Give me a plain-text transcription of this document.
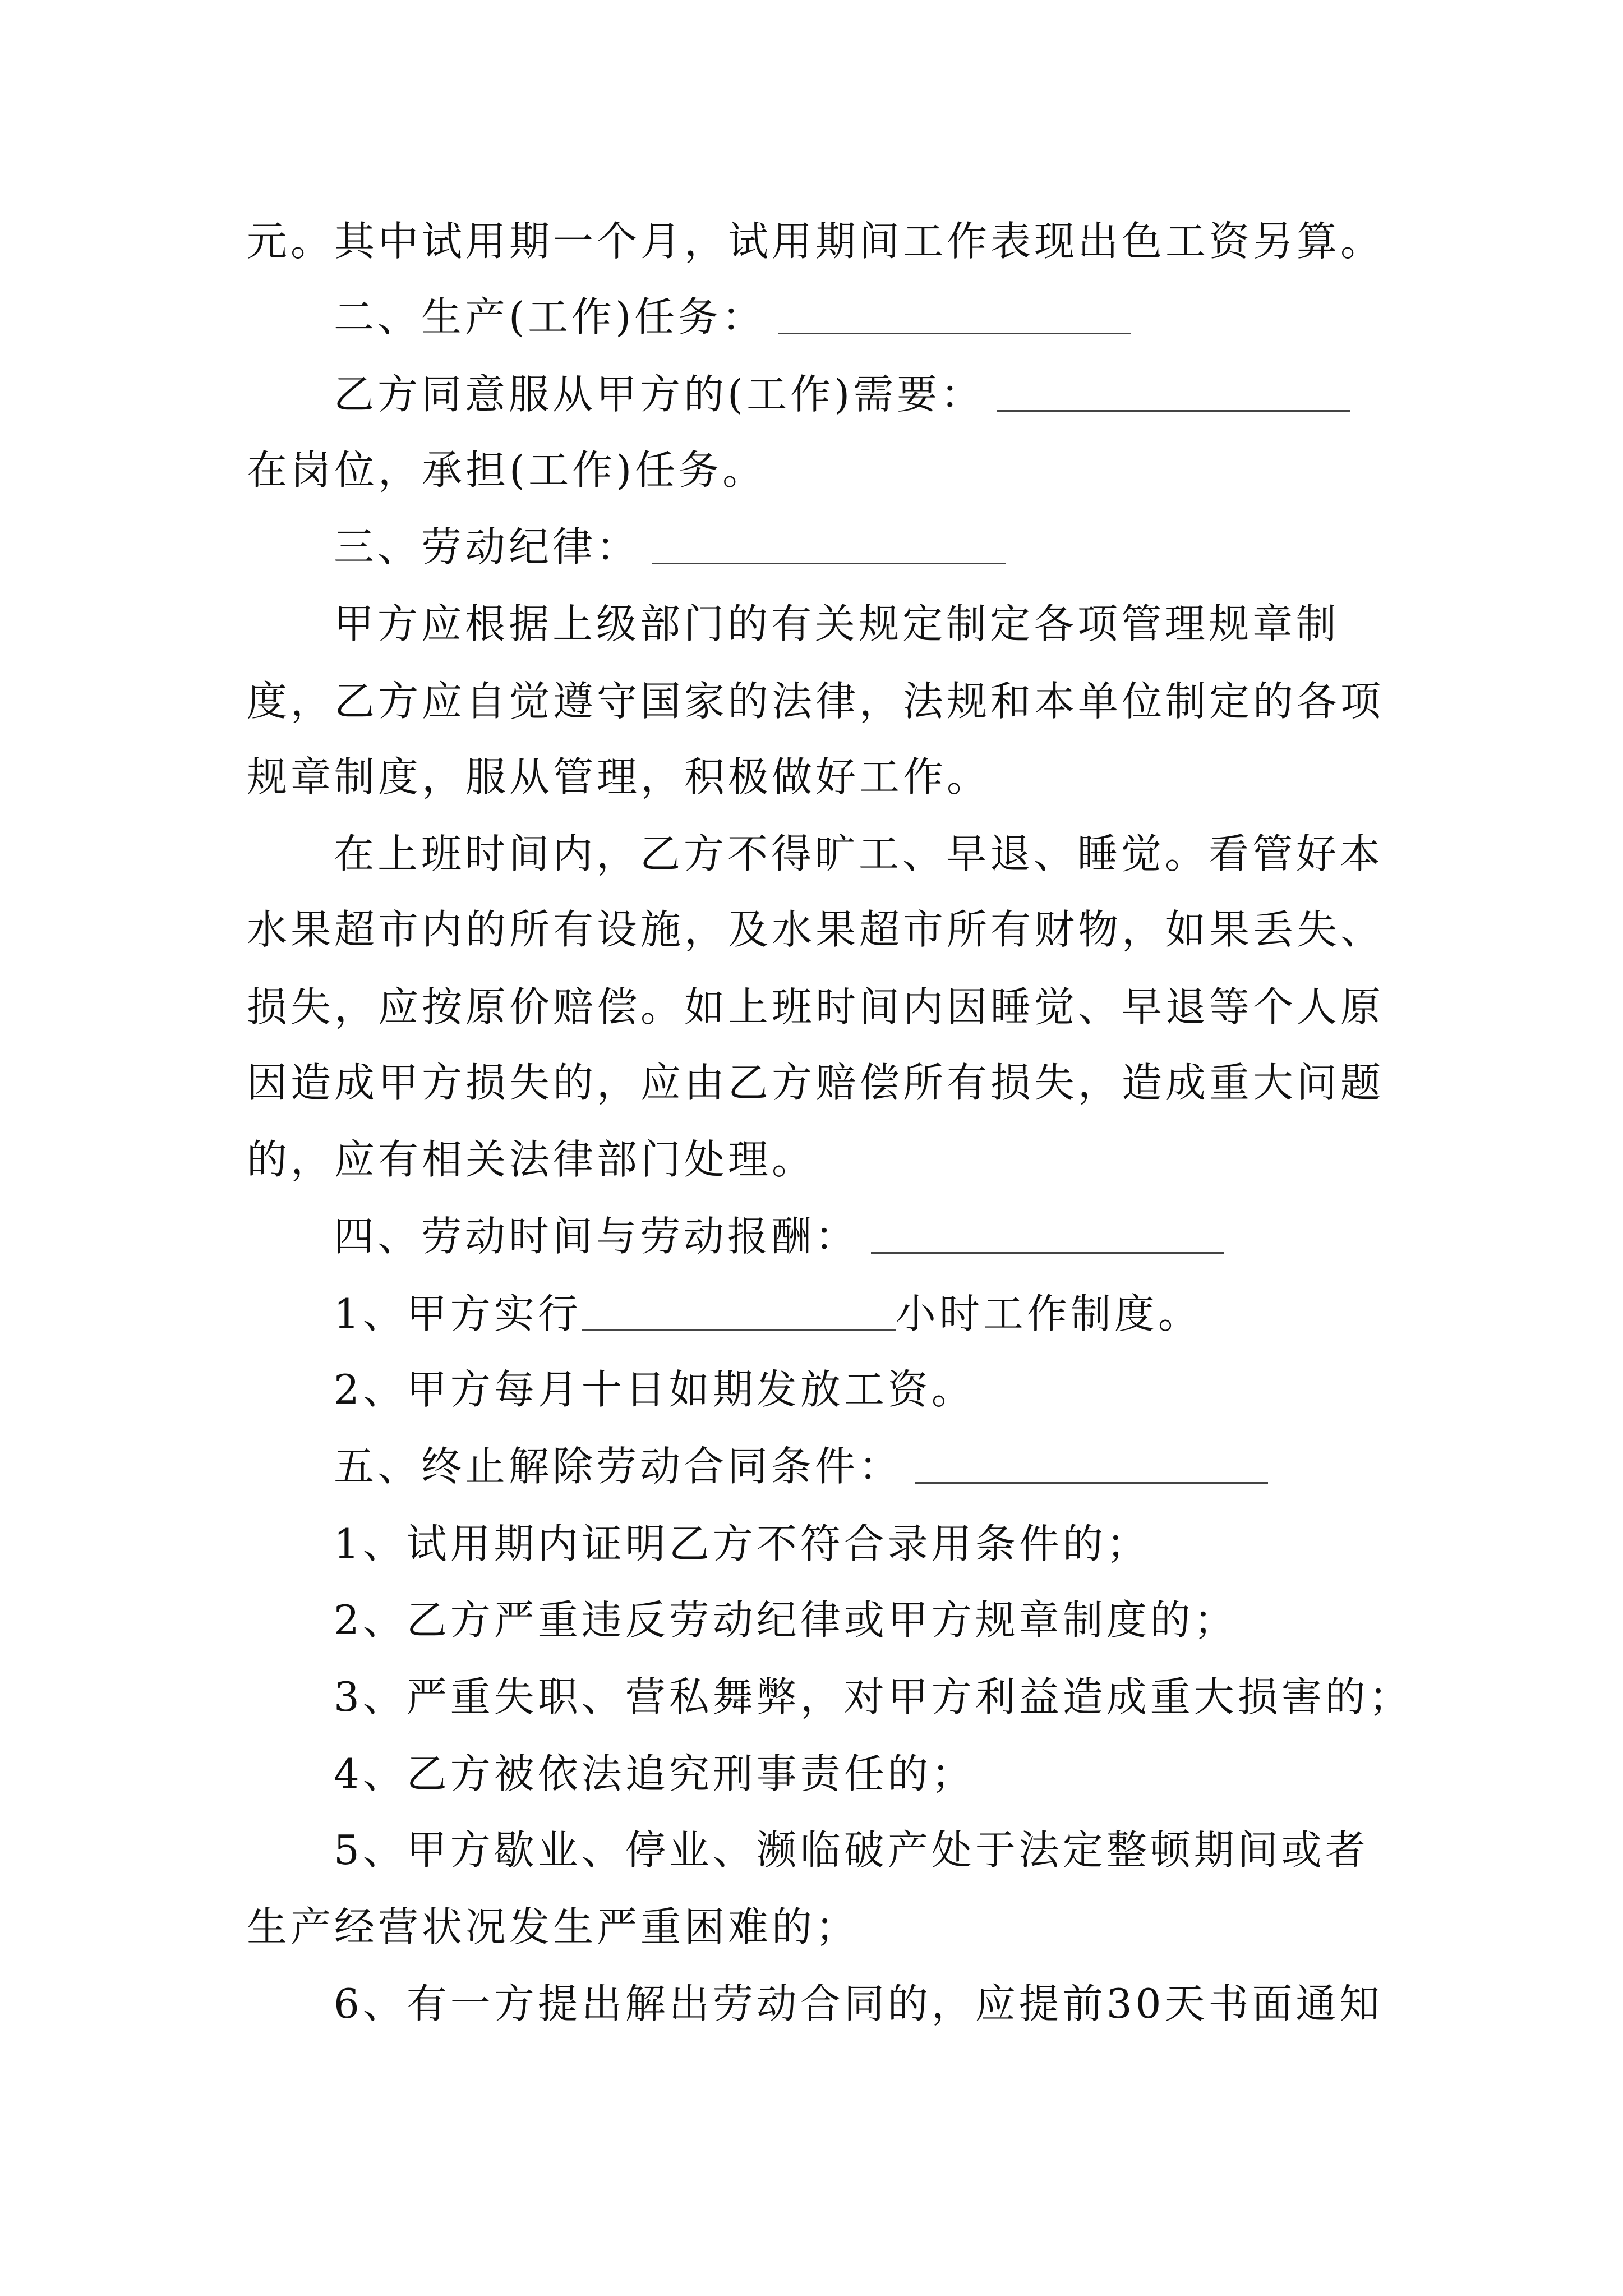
元。其中试用期一个月，试用期间工作表现出色工资另算。
二、生产(工作)任务：
乙方同意服从甲方的(工作)需要：
在岗位，承担(工作)任务。
三、劳动纪律：
甲方应根据上级部门的有关规定制定各项管理规章制
度，乙方应自觉遵守国家的法律，法规和本单位制定的各项
规章制度，服从管理，积极做好工作。
在上班时间内，乙方不得旷工、早退、睡觉。看管好本
水果超市内的所有设施，及水果超市所有财物，如果丢失、
损失，应按原价赔偿。如上班时间内因睡觉、早退等个人原
因造成甲方损失的，应由乙方赔偿所有损失，造成重大问题
的，应有相关法律部门处理。
四、劳动时间与劳动报酬：
1、甲方实行	小时工作制度。
2、甲方每月十日如期发放工资。
五、终止解除劳动合同条件：
1、试用期内证明乙方不符合录用条件的；
2、乙方严重违反劳动纪律或甲方规章制度的；
3、严重失职、营私舞弊，对甲方利益造成重大损害的；
4、乙方被依法追究刑事责任的；
5、甲方歇业、停业、濒临破产处于法定整顿期间或者
生产经营状况发生严重困难的；
6、有一方提出解出劳动合同的，应提前30天书面通知
